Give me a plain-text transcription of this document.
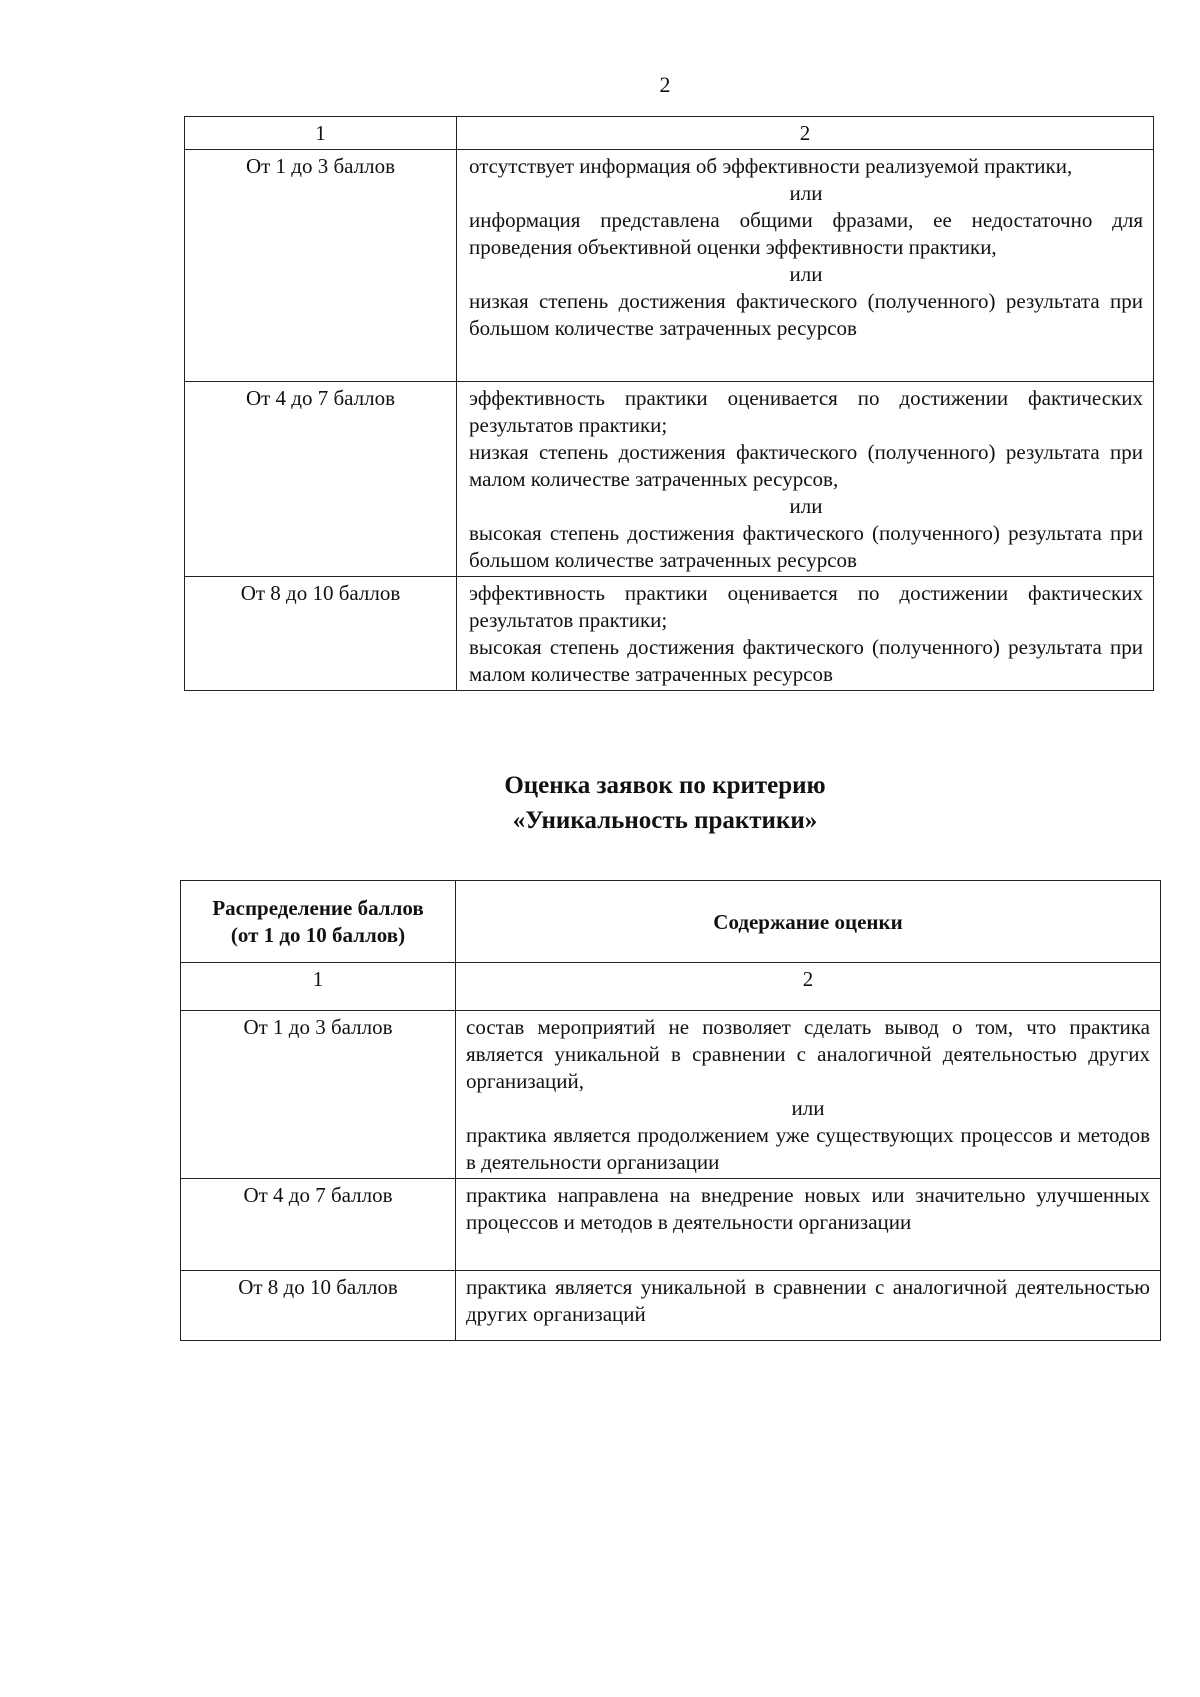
2
1	2
От 1 до 3 баллов	отсутствует информация об эффективности реализуемой практики,
или
информация представлена общими фразами, ее недостаточно для проведения объективной оценки эффективности практики,
или
низкая степень достижения фактического (полученного) результата при большом количестве затраченных ресурсов

От 4 до 7 баллов	эффективность практики оценивается по достижении фактических результатов практики;
низкая степень достижения фактического (полученного) результата при малом количестве затраченных ресурсов,
или
высокая степень достижения фактического (полученного) результата при большом количестве затраченных ресурсов

От 8 до 10 баллов	эффективность практики оценивается по достижении фактических результатов практики;
высокая степень достижения фактического (полученного) результата при малом количестве затраченных ресурсов
Оценка заявок по критерию
«Уникальность практики»
Распределение баллов (от 1 до 10 баллов)	Содержание оценки
1	2
От 1 до 3 баллов	состав мероприятий не позволяет сделать вывод о том, что практика является уникальной в сравнении с аналогичной деятельностью других организаций,
или
практика является продолжением уже существующих процессов и методов в деятельности организации

От 4 до 7 баллов	практика направлена на внедрение новых или значительно улучшенных процессов и методов в деятельности организации

От 8 до 10 баллов	практика является уникальной в сравнении с аналогичной деятельностью других организаций
